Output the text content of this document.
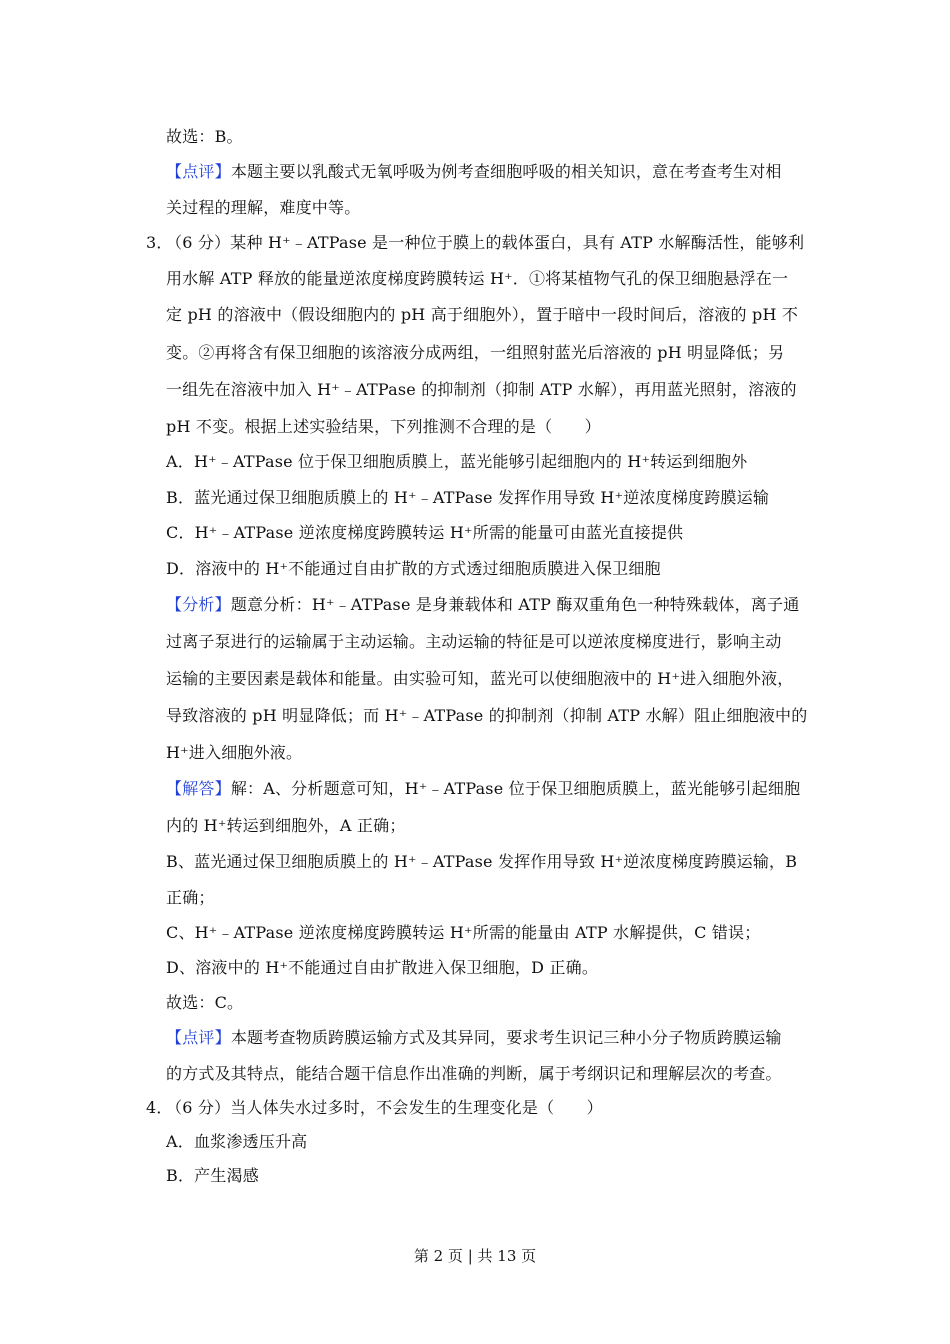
故选：B。
【点评】本题主要以乳酸式无氧呼吸为例考查细胞呼吸的相关知识，意在考查考生对相
关过程的理解，难度中等。
3．
（6 分）某种 H⁺﹣ATPase 是一种位于膜上的载体蛋白，具有 ATP 水解酶活性，能够利
用水解 ATP 释放的能量逆浓度梯度跨膜转运 H⁺．①将某植物气孔的保卫细胞悬浮在一
定 pH 的溶液中（假设细胞内的 pH 高于细胞外），置于暗中一段时间后，溶液的 pH 不
变。②再将含有保卫细胞的该溶液分成两组，一组照射蓝光后溶液的 pH 明显降低；另
一组先在溶液中加入 H⁺﹣ATPase 的抑制剂（抑制 ATP 水解），再用蓝光照射，溶液的
pH 不变。根据上述实验结果，下列推测不合理的是（　　）
A．H⁺﹣ATPase 位于保卫细胞质膜上，蓝光能够引起细胞内的 H⁺转运到细胞外
B．蓝光通过保卫细胞质膜上的 H⁺﹣ATPase 发挥作用导致 H⁺逆浓度梯度跨膜运输
C．H⁺﹣ATPase 逆浓度梯度跨膜转运 H⁺所需的能量可由蓝光直接提供
D．溶液中的 H⁺不能通过自由扩散的方式透过细胞质膜进入保卫细胞
【分析】题意分析：H⁺﹣ATPase 是身兼载体和 ATP 酶双重角色一种特殊载体，离子通
过离子泵进行的运输属于主动运输。主动运输的特征是可以逆浓度梯度进行，影响主动
运输的主要因素是载体和能量。由实验可知，蓝光可以使细胞液中的 H⁺进入细胞外液，
导致溶液的 pH 明显降低；而 H⁺﹣ATPase 的抑制剂（抑制 ATP 水解）阻止细胞液中的
H⁺进入细胞外液。
【解答】解：A、分析题意可知，H⁺﹣ATPase 位于保卫细胞质膜上，蓝光能够引起细胞
内的 H⁺转运到细胞外，A 正确；
B、蓝光通过保卫细胞质膜上的 H⁺﹣ATPase 发挥作用导致 H⁺逆浓度梯度跨膜运输，B
正确；
C、H⁺﹣ATPase 逆浓度梯度跨膜转运 H⁺所需的能量由 ATP 水解提供，C 错误；
D、溶液中的 H⁺不能通过自由扩散进入保卫细胞，D 正确。
故选：C。
【点评】本题考查物质跨膜运输方式及其异同，要求考生识记三种小分子物质跨膜运输
的方式及其特点，能结合题干信息作出准确的判断，属于考纲识记和理解层次的考查。
4．
（6 分）当人体失水过多时，不会发生的生理变化是（　　）
A．血浆渗透压升高
B．产生渴感
第 2 页 | 共 13 页
